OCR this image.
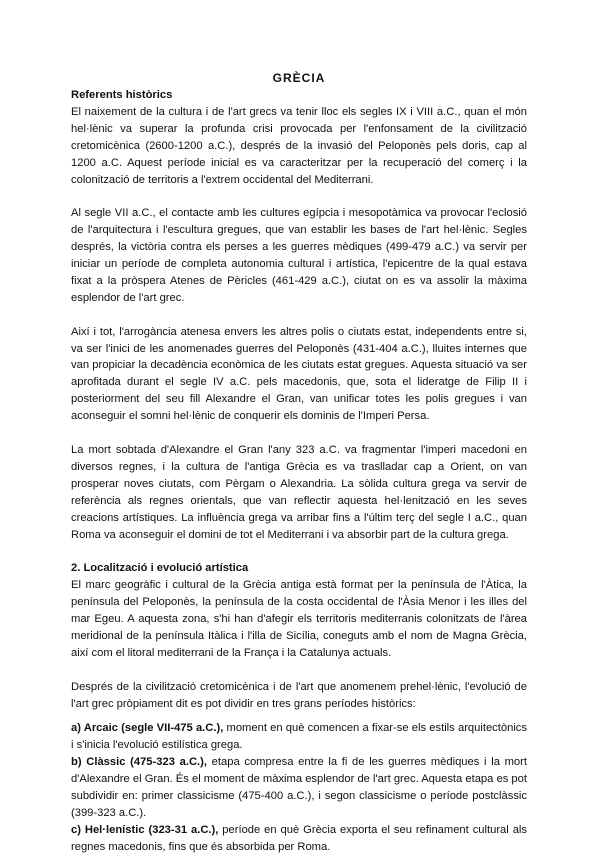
GRÈCIA
Referents històrics

El naixement de la cultura i de l'art grecs va tenir lloc els segles IX i VIII a.C., quan el món hel·lènic va superar la profunda crisi provocada per l'enfonsament de la civilització cretomicènica (2600-1200 a.C.), després de la invasió del Peloponès pels doris, cap al 1200 a.C. Aquest període inicial es va caracteritzar per la recuperació del comerç i la colonització de territoris a l'extrem occidental del Mediterrani.

Al segle VII a.C., el contacte amb les cultures egípcia i mesopotàmica va provocar l'eclosió de l'arquitectura i l'escultura gregues, que van establir les bases de l'art hel·lènic. Segles després, la victòria contra els perses a les guerres mèdiques (499-479 a.C.) va servir per iniciar un període de completa autonomia cultural i artística, l'epicentre de la qual estava fixat a la pròspera Atenes de Pèricles (461-429 a.C.), ciutat on es va assolir la màxima esplendor de l'art grec.

Així i tot, l'arrogància atenesa envers les altres polis o ciutats estat, independents entre si, va ser l'inici de les anomenades guerres del Peloponès (431-404 a.C.), lluites internes que van propiciar la decadència econòmica de les ciutats estat gregues. Aquesta situació va ser aprofitada durant el segle IV a.C. pels macedonis, que, sota el lideratge de Filip II i posteriorment del seu fill Alexandre el Gran, van unificar totes les polis gregues i van aconseguir el somni hel·lènic de conquerir els dominis de l'Imperi Persa.

La mort sobtada d'Alexandre el Gran l'any 323 a.C. va fragmentar l'imperi macedoni en diversos regnes, i la cultura de l'antiga Grècia es va traslladar cap a Orient, on van prosperar noves ciutats, com Pèrgam o Alexandria. La sòlida cultura grega va servir de referència als regnes orientals, que van reflectir aquesta hel·lenització en les seves creacions artístiques. La influència grega va arribar fins a l'últim terç del segle I a.C., quan Roma va aconseguir el domini de tot el Mediterrani i va absorbir part de la cultura grega.

2. Localització i evolució artística

El marc geogràfic i cultural de la Grècia antiga està format per la península de l'Àtica, la península del Peloponès, la península de la costa occidental de l'Àsia Menor i les illes del mar Egeu. A aquesta zona, s'hi han d'afegir els territoris mediterranis colonitzats de l'àrea meridional de la península Itàlica i l'illa de Sicília, coneguts amb el nom de Magna Grècia, així com el litoral mediterrani de la França i la Catalunya actuals.

Després de la civilització cretomicènica i de l'art que anomenem prehel·lènic, l'evolució de l'art grec pròpiament dit es pot dividir en tres grans períodes històrics:

a) Arcaic (segle VII-475 a.C.), moment en què comencen a fixar-se els estils arquitectònics i s'inicia l'evolució estilística grega.

b) Clàssic (475-323 a.C.), etapa compresa entre la fi de les guerres mèdiques i la mort d'Alexandre el Gran. És el moment de màxima esplendor de l'art grec. Aquesta etapa es pot subdividir en: primer classicisme (475-400 a.C.), i segon classicisme o període postclàssic (399-323 a.C.).

c) Hel·lenístic (323-31 a.C.), període en què Grècia exporta el seu refinament cultural als regnes macedonis, fins que és absorbida per Roma.
